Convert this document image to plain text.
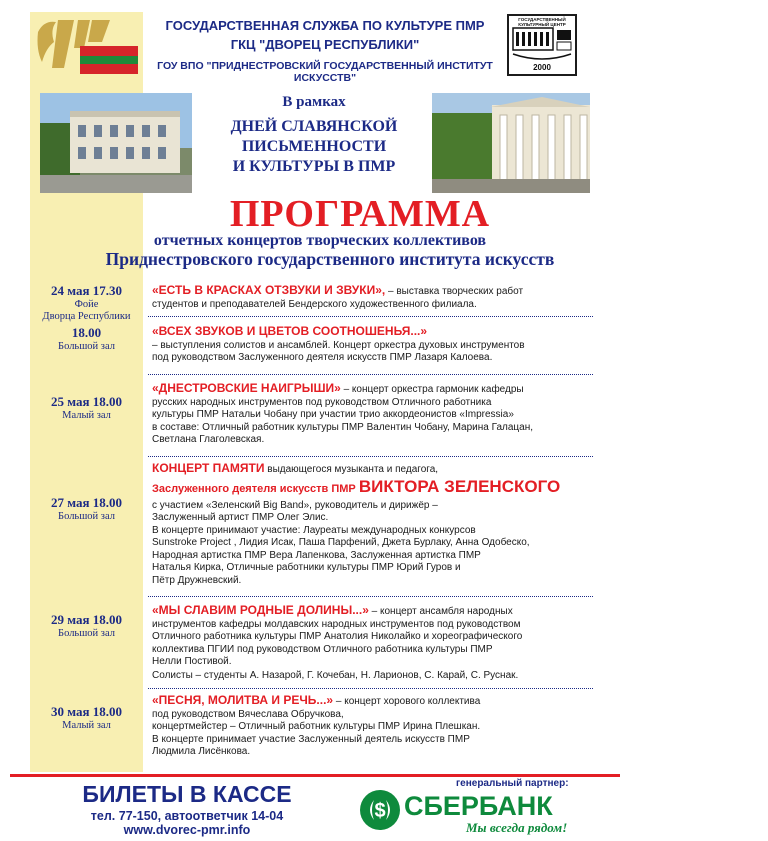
ГОСУДАРСТВЕННАЯ СЛУЖБА ПО КУЛЬТУРЕ ПМР
ГКЦ "ДВОРЕЦ РЕСПУБЛИКИ"
ГОУ ВПО "ПРИДНЕСТРОВСКИЙ ГОСУДАРСТВЕННЫЙ ИНСТИТУТ ИСКУССТВ"
ГОСУДАРСТВЕННЫЙ КУЛЬТУРНЫЙ ЦЕНТР
2000
В рамках
ДНЕЙ СЛАВЯНСКОЙ
ПИСЬМЕННОСТИ
И КУЛЬТУРЫ В ПМР
ПРОГРАММА
отчетных концертов творческих коллективов
Приднестровского государственного института искусств
24 мая 17.30
Фойе
Дворца Республики

«ЕСТЬ В КРАСКАХ ОТЗВУКИ И ЗВУКИ», – выставка творческих работ

студентов и преподавателей Бендерского художественного филиала.

18.00
Большой зал

«ВСЕХ ЗВУКОВ И ЦВЕТОВ СООТНОШЕНЬЯ...»

– выступления солистов и ансамблей. Концерт оркестра духовых инструментов

под руководством Заслуженного деятеля искусств ПМР Лазаря Калоева.

25 мая 18.00
Малый зал

«ДНЕСТРОВСКИЕ НАИГРЫШИ» – концерт оркестра гармоник кафедры

русских народных инструментов под руководством Отличного работника

культуры ПМР Натальи Чобану при участии трио аккордеонистов «Impressia»

в составе: Отличный работник культуры ПМР Валентин Чобану, Марина Галацан,

Светлана Глаголевская.

27 мая 18.00
Большой зал

КОНЦЕРТ ПАМЯТИ выдающегося музыканта и педагога,

Заслуженного деятеля искусств ПМР ВИКТОРА ЗЕЛЕНСКОГО

с участием «Зеленский Big Band», руководитель и дирижёр –

Заслуженный артист ПМР Олег Элис.

В концерте принимают участие: Лауреаты международных конкурсов

Sunstroke Project , Лидия Исак, Паша Парфений, Джета Бурлаку, Анна Одобеско,

Народная артистка ПМР Вера Лапенкова, Заслуженная артистка ПМР

Наталья Кирка, Отличные работники культуры ПМР Юрий Гуров и

Пётр Дружневский.

29 мая 18.00
Большой зал

«МЫ СЛАВИМ РОДНЫЕ ДОЛИНЫ...» – концерт ансамбля народных

инструментов кафедры молдавских народных инструментов под руководством

Отличного работника культуры ПМР Анатолия Николайко и хореографического

коллектива ПГИИ под руководством Отличного работника культуры ПМР

Нелли Постивой.

Солисты – студенты А. Назарой, Г. Кочебан, Н. Ларионов, С. Карай, С. Руснак.

30 мая 18.00
Малый зал

«ПЕСНЯ, МОЛИТВА И РЕЧЬ...» – концерт хорового коллектива

под руководством Вячеслава Обручкова,

концертмейстер – Отличный работник культуры ПМР Ирина Плешкан.

В концерте принимает участие Заслуженный деятель искусств ПМР

Людмила Лисёнкова.

БИЛЕТЫ В КАССЕ
тел. 77-150, автоответчик 14-04
www.dvorec-pmr.info
генеральный партнер:
$ СБЕРБАНК
Мы всегда рядом!
